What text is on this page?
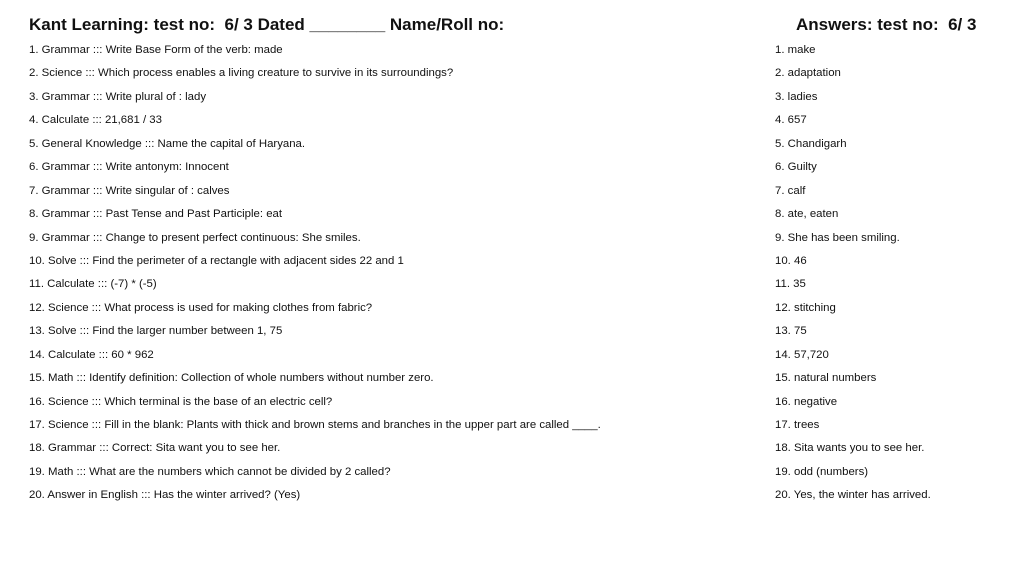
Kant Learning: test no:  6/ 3 Dated ________ Name/Roll no:	Answers: test no:  6/ 3
1. Grammar ::: Write Base Form of the verb: made
2. Science ::: Which process enables a living creature to survive in its surroundings?
3. Grammar ::: Write plural of : lady
4. Calculate ::: 21,681 / 33
5. General Knowledge ::: Name the capital of Haryana.
6. Grammar ::: Write antonym: Innocent
7. Grammar ::: Write singular of : calves
8. Grammar ::: Past Tense and Past Participle: eat
9. Grammar ::: Change to present perfect continuous: She smiles.
10. Solve ::: Find the perimeter of a rectangle with adjacent sides 22 and 1
11. Calculate ::: (-7) * (-5)
12. Science ::: What process is used for making clothes from fabric?
13. Solve ::: Find the larger number between 1, 75
14. Calculate ::: 60 * 962
15. Math ::: Identify definition: Collection of whole numbers without number zero.
16. Science ::: Which terminal is the base of an electric cell?
17. Science ::: Fill in the blank: Plants with thick and brown stems and branches in the upper part are called ____.
18. Grammar ::: Correct: Sita want you to see her.
19. Math ::: What are the numbers which cannot be divided by 2 called?
20. Answer in English ::: Has the winter arrived? (Yes)
1. make
2. adaptation
3. ladies
4. 657
5. Chandigarh
6. Guilty
7. calf
8. ate, eaten
9. She has been smiling.
10. 46
11. 35
12. stitching
13. 75
14. 57,720
15. natural numbers
16. negative
17. trees
18. Sita wants you to see her.
19. odd (numbers)
20. Yes, the winter has arrived.
